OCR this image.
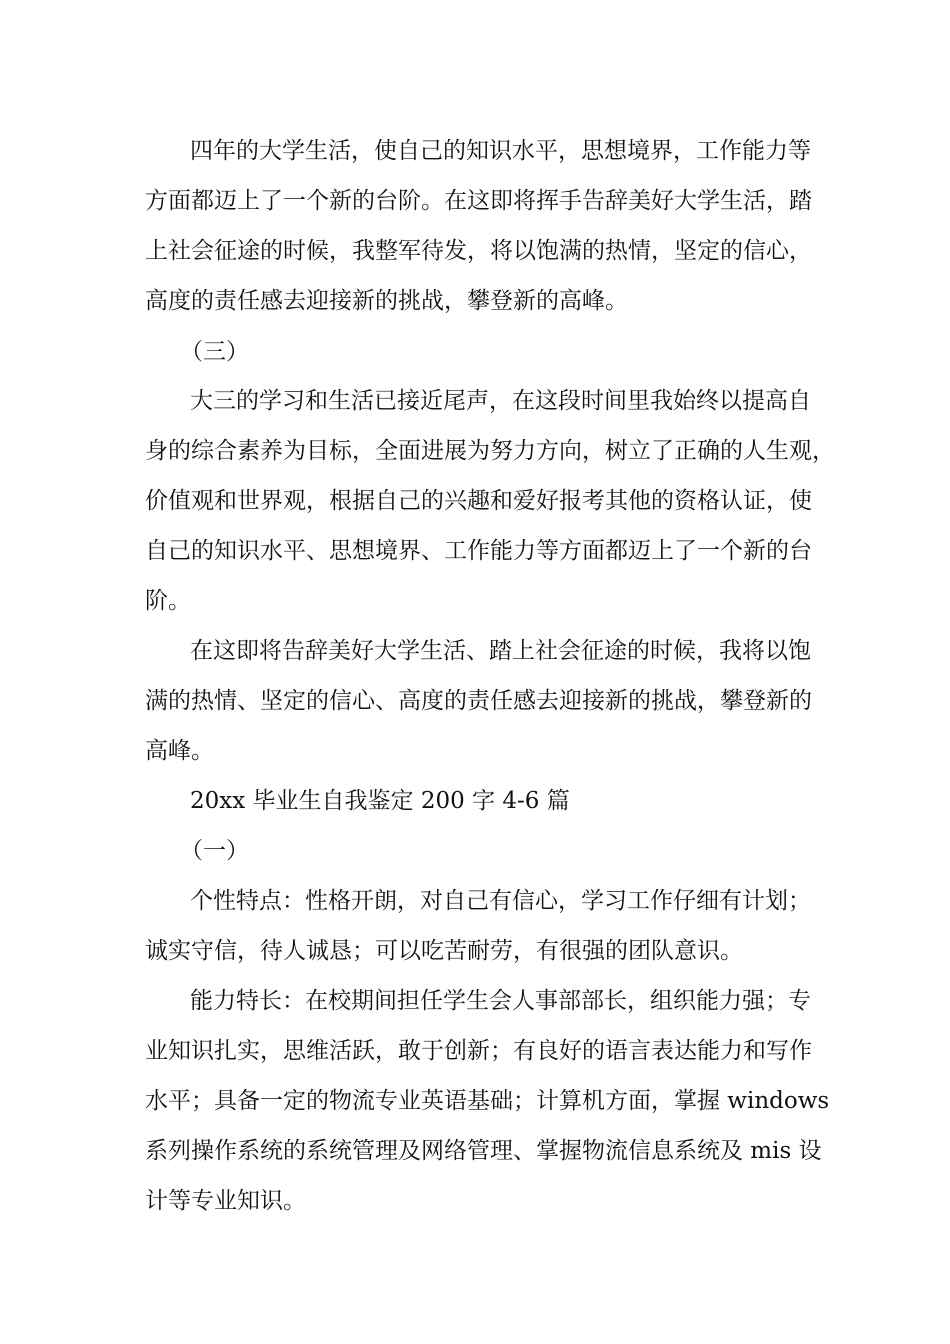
四年的大学生活，使自己的知识水平，思想境界，工作能力等

方面都迈上了一个新的台阶。在这即将挥手告辞美好大学生活，踏

上社会征途的时候，我整军待发，将以饱满的热情，坚定的信心，

高度的责任感去迎接新的挑战，攀登新的高峰。

（三）

大三的学习和生活已接近尾声，在这段时间里我始终以提高自

身的综合素养为目标，全面进展为努力方向，树立了正确的人生观，

价值观和世界观，根据自己的兴趣和爱好报考其他的资格认证，使

自己的知识水平、思想境界、工作能力等方面都迈上了一个新的台

阶。

在这即将告辞美好大学生活、踏上社会征途的时候，我将以饱

满的热情、坚定的信心、高度的责任感去迎接新的挑战，攀登新的

高峰。

20xx 毕业生自我鉴定 200 字 4-6 篇

（一）

个性特点：性格开朗，对自己有信心，学习工作仔细有计划；

诚实守信，待人诚恳；可以吃苦耐劳，有很强的团队意识。

能力特长：在校期间担任学生会人事部部长，组织能力强；专

业知识扎实，思维活跃，敢于创新；有良好的语言表达能力和写作

水平；具备一定的物流专业英语基础；计算机方面，掌握 windows

系列操作系统的系统管理及网络管理、掌握物流信息系统及 mis 设

计等专业知识。
